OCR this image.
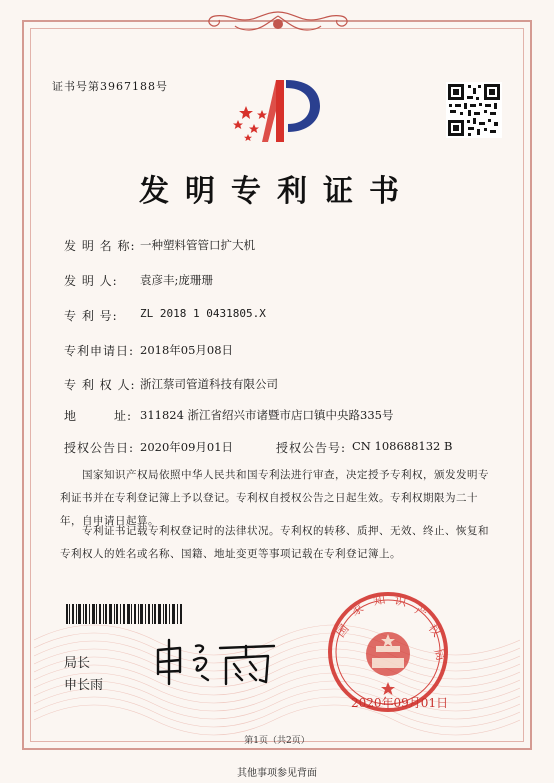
证书号第3967188号
发明专利证书
发 明 名 称: 一种塑料管管口扩大机
发 明 人: 袁彦丰;庞珊珊
专 利 号: ZL 2018 1 0431805.X
专利申请日: 2018年05月08日
专 利 权 人: 浙江蔡司管道科技有限公司
地	址: 311824 浙江省绍兴市诸暨市店口镇中央路335号
授权公告日: 2020年09月01日	授权公告号: CN 108688132 B
国家知识产权局依照中华人民共和国专利法进行审查，决定授予专利权，颁发发明专利证书并在专利登记簿上予以登记。专利权自授权公告之日起生效。专利权期限为二十年，自申请日起算。
专利证书记载专利权登记时的法律状况。专利权的转移、质押、无效、终止、恢复和专利权人的姓名或名称、国籍、地址变更等事项记载在专利登记簿上。
局长
申长雨
国
家
知 识
产
权
局
2020年09月01日
第1页（共2页）
其他事项参见背面
